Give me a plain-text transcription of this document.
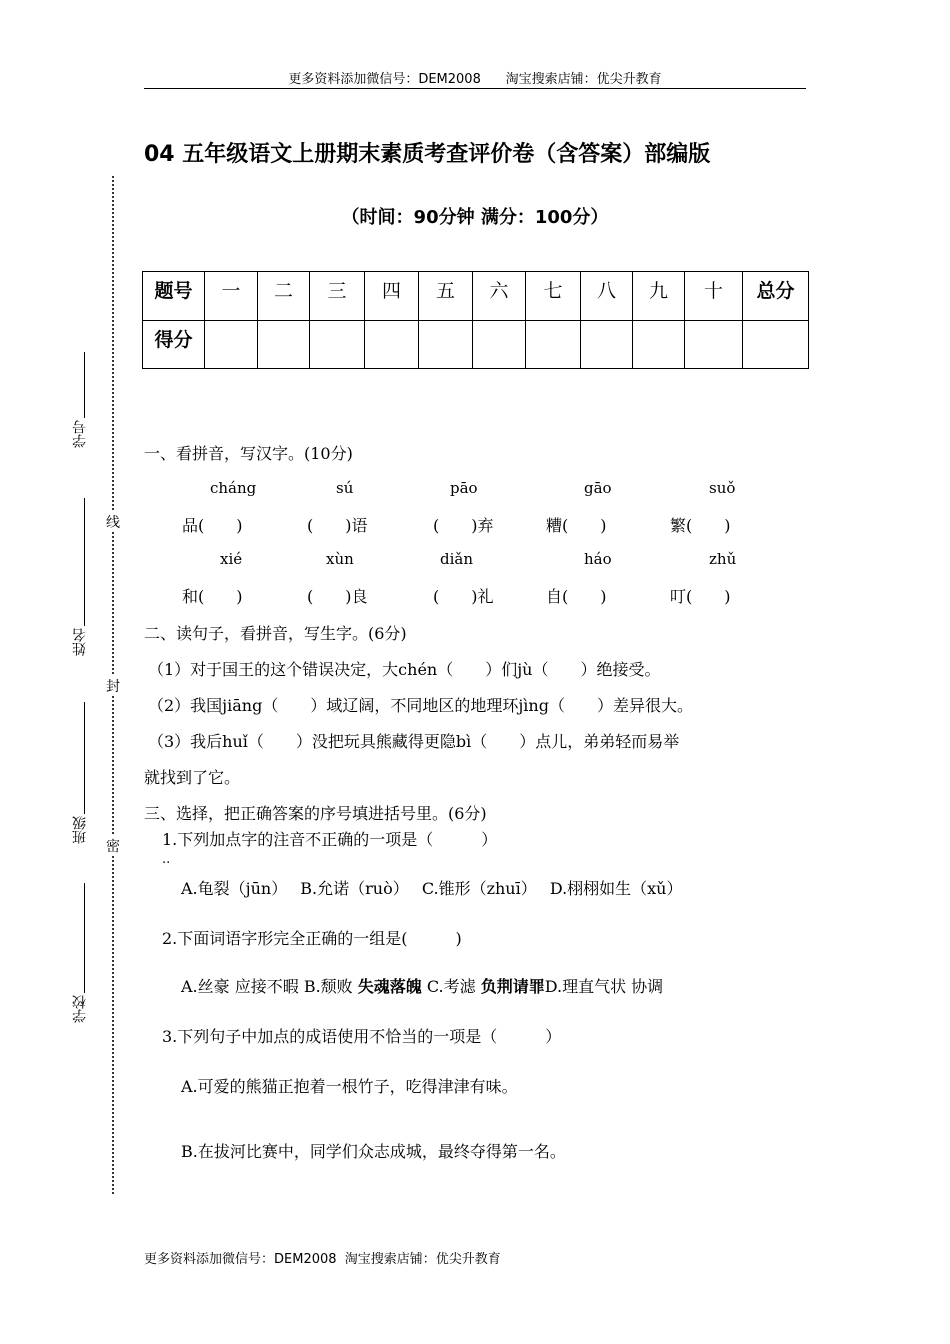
更多资料添加微信号：DEM2008      淘宝搜索店铺：优尖升教育
04 五年级语文上册期末素质考查评价卷（含答案）部编版
（时间：90分钟 满分：100分）
题号	一	二	三	四	五	六	七	八	九	十	总分
得分											
学号
姓名
班级
学校
线
封
密
一、看拼音，写汉字。(10分)
cháng	sú	pāo	gāo	suǒ
品(　　)	(　　)语	(　　)弃	糟(　　)	繁(　　)
xié	xùn	diǎn	háo	zhǔ
和(　　)	(　　)良	(　　)礼	自(　　)	叮(　　)
二、读句子，看拼音，写生字。(6分)
（1）对于国王的这个错误决定，大chén（　　）们jù（　　）绝接受。
（2）我国jiāng（　　）域辽阔，不同地区的地理环jìng（　　）差异很大。
（3）我后huǐ（　　）没把玩具熊藏得更隐bì（　　）点儿，弟弟轻而易举
就找到了它。
三、选择，把正确答案的序号填进括号里。(6分)
1.下列加点字的注音不正确的一项是（　　　）
..
A.龟裂（jūn）　 B.允诺（ruò）　 C.锥形（zhuī）　 D.栩栩如生（xǔ）
2.下面词语字形完全正确的一组是(　　　)
A.丝豪 应接不暇 B.颓败 失魂落魄 C.考滤 负荆请罪D.理直气状 协调
3.下列句子中加点的成语使用不恰当的一项是（　　　）
A.可爱的熊猫正抱着一根竹子，吃得津津有味。
B.在拔河比赛中，同学们众志成城，最终夺得第一名。
更多资料添加微信号：DEM2008  淘宝搜索店铺：优尖升教育
